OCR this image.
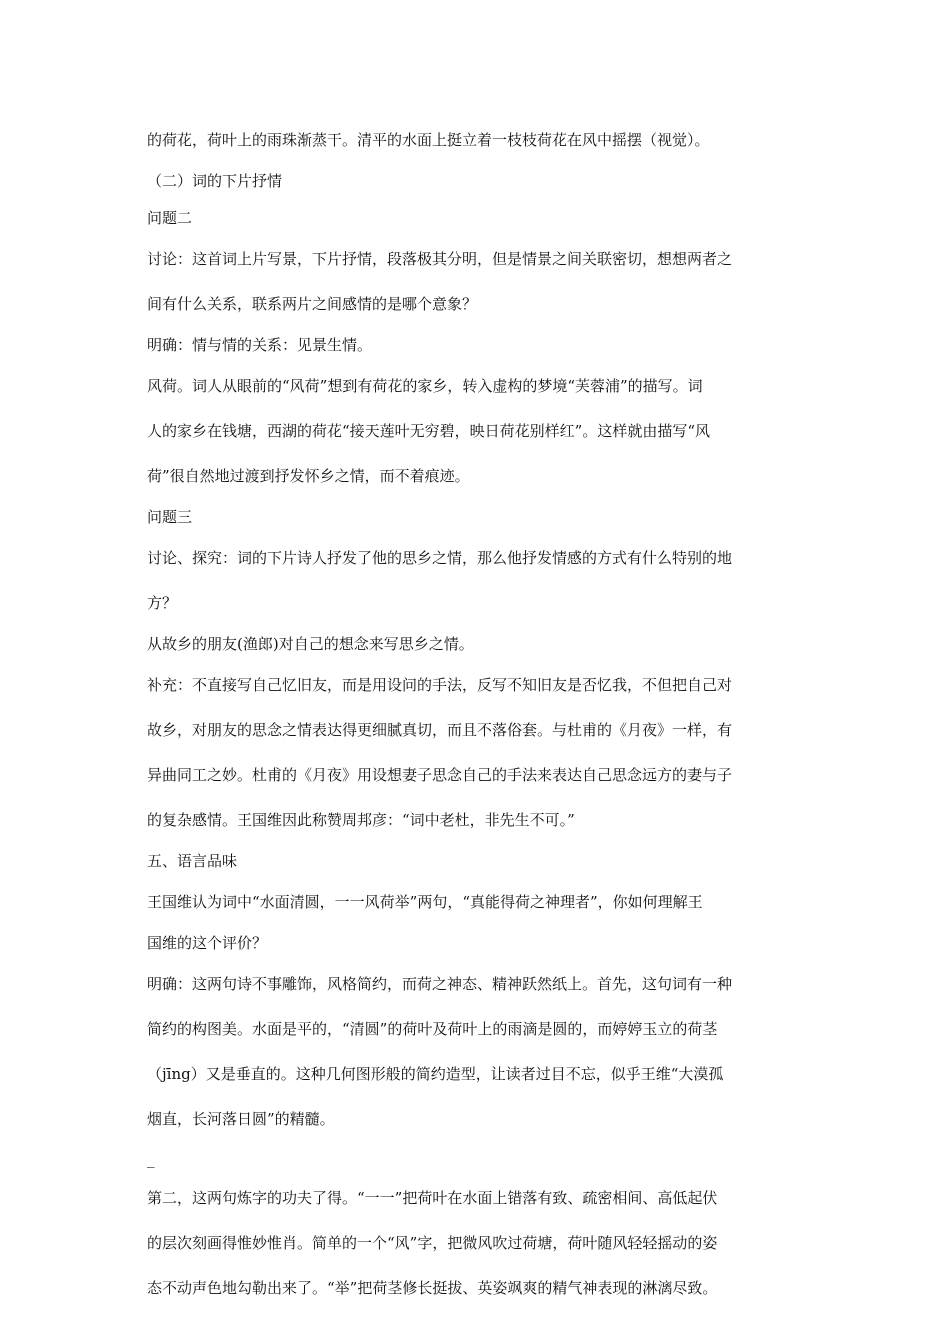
的荷花，荷叶上的雨珠渐蒸干。清平的水面上挺立着一枝枝荷花在风中摇摆（视觉）。

（二）词的下片抒情

问题二

讨论：这首词上片写景，下片抒情，段落极其分明，但是情景之间关联密切，想想两者之

间有什么关系，联系两片之间感情的是哪个意象？

明确：情与情的关系：见景生情。

风荷。词人从眼前的“风荷”想到有荷花的家乡，转入虚构的梦境“芙蓉浦”的描写。词

人的家乡在钱塘，西湖的荷花“接天莲叶无穷碧，映日荷花别样红”。这样就由描写“风

荷”很自然地过渡到抒发怀乡之情，而不着痕迹。

问题三

讨论、探究：词的下片诗人抒发了他的思乡之情，那么他抒发情感的方式有什么特别的地

方？

从故乡的朋友(渔郎)对自己的想念来写思乡之情。

补充：不直接写自己忆旧友，而是用设问的手法，反写不知旧友是否忆我，不但把自己对

故乡，对朋友的思念之情表达得更细腻真切，而且不落俗套。与杜甫的《月夜》一样，有

异曲同工之妙。杜甫的《月夜》用设想妻子思念自己的手法来表达自己思念远方的妻与子

的复杂感情。王国维因此称赞周邦彦：“词中老杜，非先生不可。”

五、语言品味

王国维认为词中“水面清圆，一一风荷举”两句，“真能得荷之神理者”，你如何理解王

国维的这个评价？

明确：这两句诗不事雕饰，风格简约，而荷之神态、精神跃然纸上。首先，这句词有一种

简约的构图美。水面是平的，“清圆”的荷叶及荷叶上的雨滴是圆的，而婷婷玉立的荷茎

（jīng）又是垂直的。这种几何图形般的简约造型，让读者过目不忘，似乎王维“大漠孤

烟直，长河落日圆”的精髓。

_

第二，这两句炼字的功夫了得。“一一”把荷叶在水面上错落有致、疏密相间、高低起伏

的层次刻画得惟妙惟肖。简单的一个“风”字，把微风吹过荷塘，荷叶随风轻轻摇动的姿

态不动声色地勾勒出来了。“举”把荷茎修长挺拔、英姿飒爽的精气神表现的淋漓尽致。
